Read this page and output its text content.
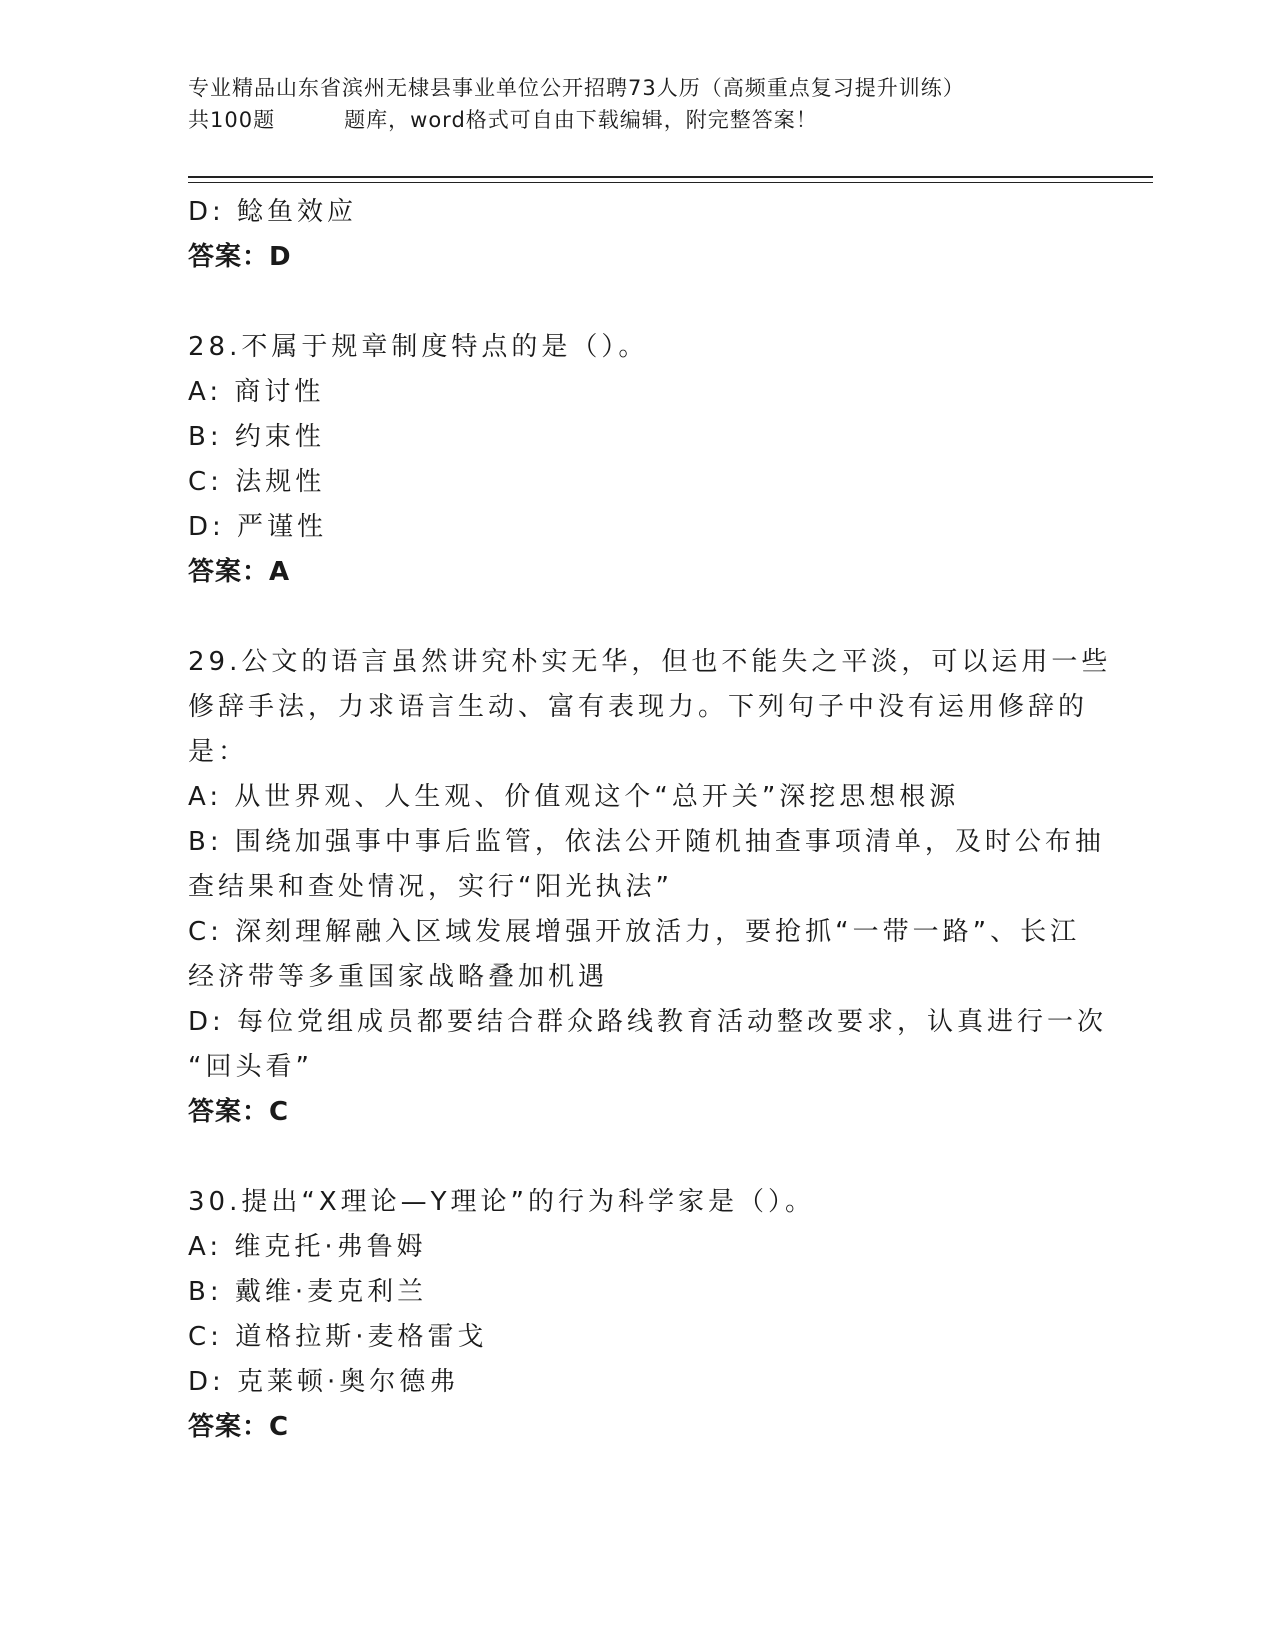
专业精品山东省滨州无棣县事业单位公开招聘73人历（高频重点复习提升训练）
共100题         题库，word格式可自由下载编辑，附完整答案！
D: 鲶鱼效应
答案：D
28.不属于规章制度特点的是（）。
A: 商讨性
B: 约束性
C: 法规性
D: 严谨性
答案：A
29.公文的语言虽然讲究朴实无华，但也不能失之平淡，可以运用一些
修辞手法，力求语言生动、富有表现力。下列句子中没有运用修辞的
是：
A: 从世界观、人生观、价值观这个“总开关”深挖思想根源
B: 围绕加强事中事后监管，依法公开随机抽查事项清单，及时公布抽
查结果和查处情况，实行“阳光执法”
C: 深刻理解融入区域发展增强开放活力，要抢抓“一带一路”、长江
经济带等多重国家战略叠加机遇
D: 每位党组成员都要结合群众路线教育活动整改要求，认真进行一次
“回头看”
答案：C
30.提出“X理论—Y理论”的行为科学家是（）。
A: 维克托·弗鲁姆
B: 戴维·麦克利兰
C: 道格拉斯·麦格雷戈
D: 克莱顿·奥尔德弗
答案：C
